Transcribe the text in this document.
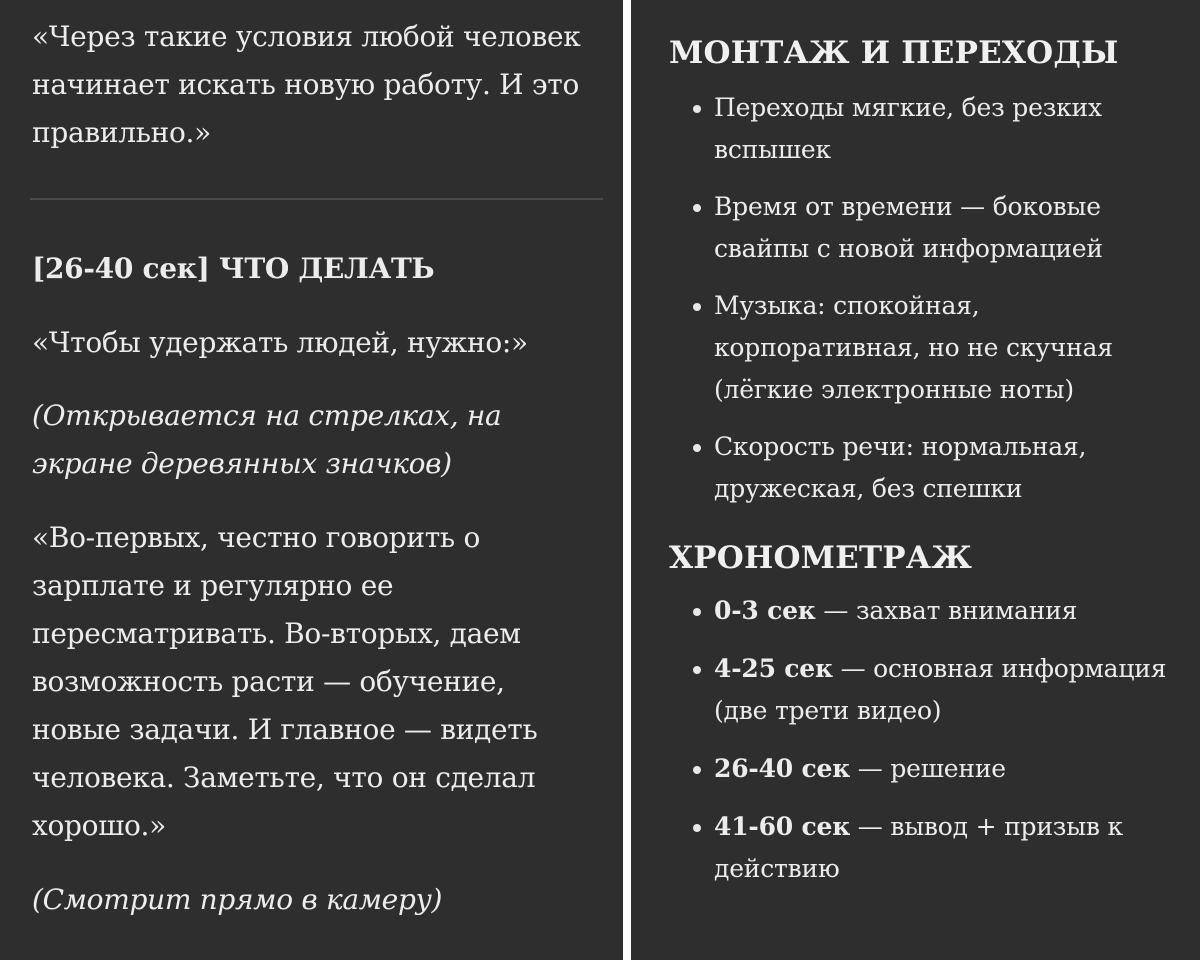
«Через такие условия любой человек начинает искать новую работу. И это правильно.»

[26-40 сек] ЧТО ДЕЛАТЬ

«Чтобы удержать людей, нужно:»

(Открывается на стрелках, на экране деревянных значков)

«Во-первых, честно говорить о зарплате и регулярно ее пересматривать. Во-вторых, даем возможность расти — обучение, новые задачи. И главное — видеть человека. Заметьте, что он сделал хорошо.»

(Смотрит прямо в камеру)

МОНТАЖ И ПЕРЕХОДЫ
Переходы мягкие, без резких вспышек
Время от времени — боковые свайпы с новой информацией
Музыка: спокойная, корпоративная, но не скучная (лёгкие электронные ноты)
Скорость речи: нормальная, дружеская, без спешки
ХРОНОМЕТРАЖ
0-3 сек — захват внимания
4-25 сек — основная информация (две трети видео)
26-40 сек — решение
41-60 сек — вывод + призыв к действию
